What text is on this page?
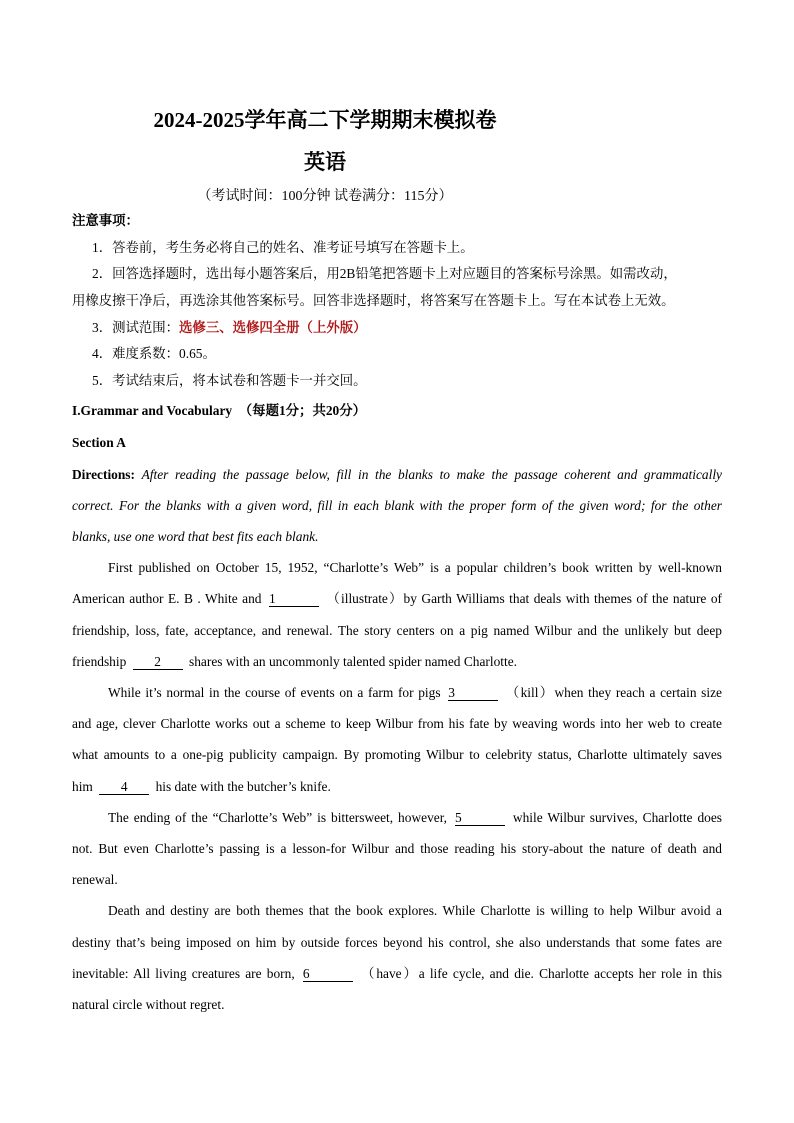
2024-2025学年高二下学期期末模拟卷
英语
（考试时间：100分钟 试卷满分：115分）
注意事项：
1．答卷前，考生务必将自己的姓名、准考证号填写在答题卡上。
2．回答选择题时，选出每小题答案后，用2B铅笔把答题卡上对应题目的答案标号涂黑。如需改动，
用橡皮擦干净后，再选涂其他答案标号。回答非选择题时，将答案写在答题卡上。写在本试卷上无效。
3．测试范围：选修三、选修四全册（上外版）
4．难度系数：0.65。
5．考试结束后，将本试卷和答题卡一并交回。
I.Grammar and Vocabulary （每题1分；共20分）
Section A
Directions: After reading the passage below, fill in the blanks to make the passage coherent and grammatically
correct. For the blanks with a given word, fill in each blank with the proper form of the given word; for the other
blanks, use one word that best fits each blank.
First published on October 15, 1952, “Charlotte’s Web” is a popular children’s book written by well-known
American author E. B . White and 1	（illustrate）by Garth Williams that deals with themes of the nature of
friendship, loss, fate, acceptance, and renewal. The story centers on a pig named Wilbur and the unlikely but deep
friendship 2 shares with an uncommonly talented spider named Charlotte.
While it’s normal in the course of events on a farm for pigs 3	（kill）when they reach a certain size
and age, clever Charlotte works out a scheme to keep Wilbur from his fate by weaving words into her web to create
what amounts to a one-pig publicity campaign. By promoting Wilbur to celebrity status, Charlotte ultimately saves
him 4 his date with the butcher’s knife.
The ending of the “Charlotte’s Web” is bittersweet, however, 5	while Wilbur survives, Charlotte does
not. But even Charlotte’s passing is a lesson-for Wilbur and those reading his story-about the nature of death and
renewal.
Death and destiny are both themes that the book explores. While Charlotte is willing to help Wilbur avoid a
destiny that’s being imposed on him by outside forces beyond his control, she also understands that some fates are
inevitable: All living creatures are born, 6	（have）a life cycle, and die. Charlotte accepts her role in this
natural circle without regret.
